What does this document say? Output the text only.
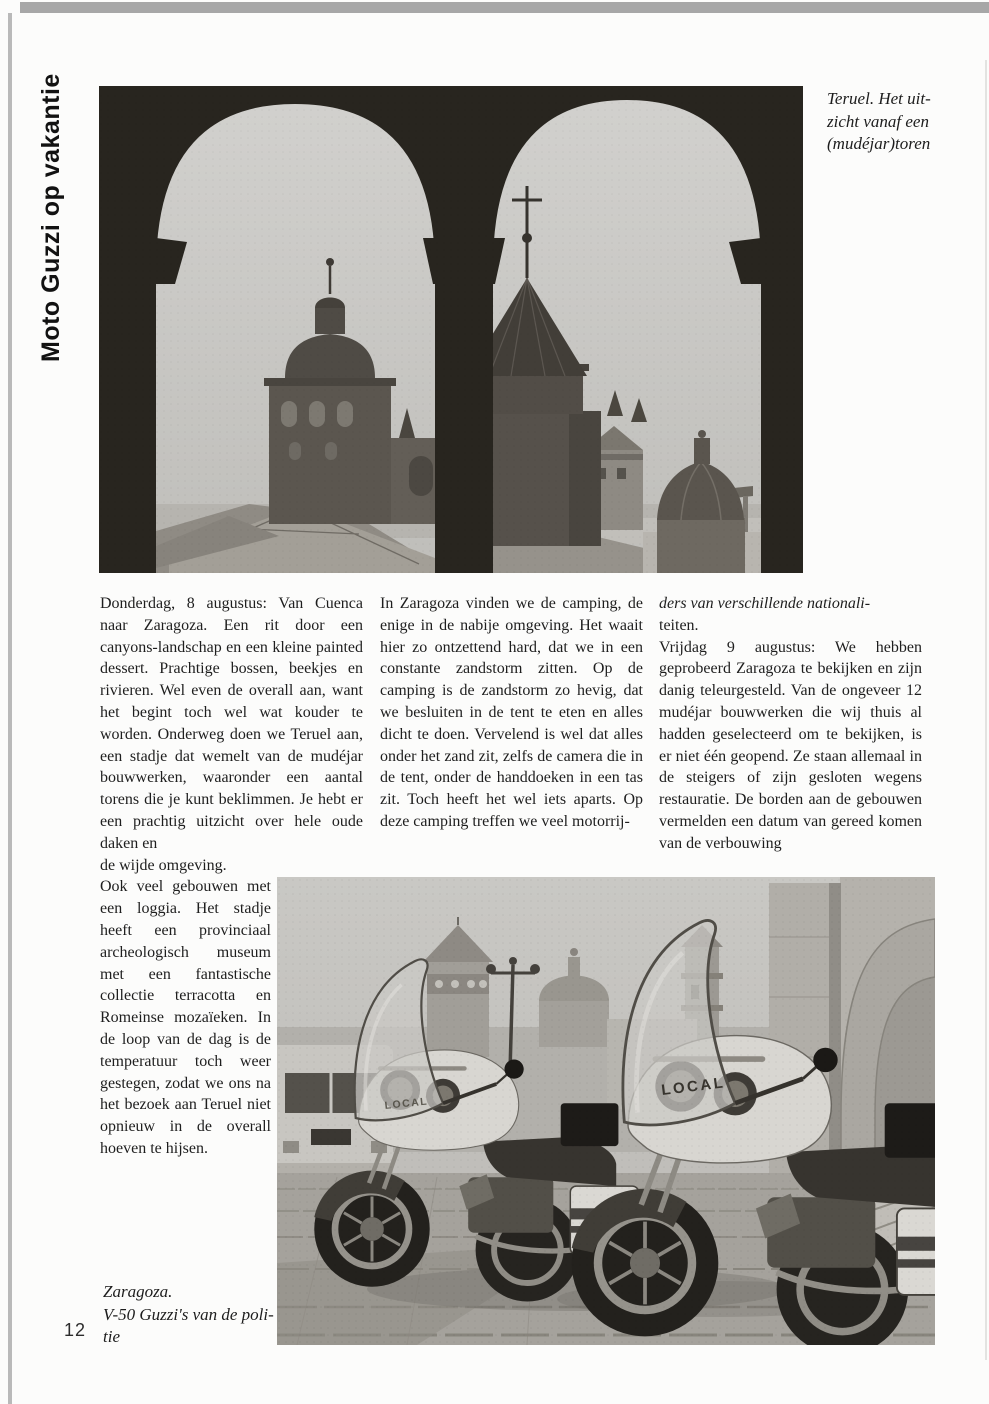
Moto Guzzi op vakantie	Teruel. Het uit-
zicht vanaf een
(mudéjar)toren

Donderdag, 8 augustus: Van Cuenca naar Zaragoza. Een rit door een canyons-landschap en een kleine painted dessert. Prachtige bossen, beekjes en rivieren. Wel even de overall aan, want het begint toch wel wat kouder te worden. Onderweg doen we Teruel aan, een stadje dat wemelt van de mudéjar bouwwerken, waaronder een aantal torens die je kunt beklimmen. Je hebt er een prachtig uitzicht over hele oude daken en

de wijde omgeving.

Ook veel gebouwen met een loggia. Het stadje heeft een provinciaal archeologisch museum met een fantastische collectie terracotta en Romeinse mozaïeken. In de loop van de dag is de temperatuur toch weer gestegen, zodat we ons na het bezoek aan Teruel niet opnieuw in de overall hoeven te hijsen.

In Zaragoza vinden we de camping, de enige in de nabije omgeving. Het waait hier zo ontzettend hard, dat we in een constante zandstorm zitten. Op de camping is de zandstorm zo hevig, dat we besluiten in de tent te eten en alles dicht te doen. Vervelend is wel dat alles onder het zand zit, zelfs de camera die in de tent, onder de handdoeken in een tas zit. Toch heeft het wel iets aparts. Op deze camping treffen we veel motorrij-

ders van verschillende nationali-
teiten.

Vrijdag 9 augustus: We hebben geprobeerd Zaragoza te bekijken en zijn danig teleurgesteld. Van de ongeveer 12 mudéjar bouwwerken die wij thuis al hadden geselecteerd om te bekijken, is er niet één geopend. Ze staan allemaal in de steigers of zijn gesloten wegens restauratie. De borden aan de gebouwen vermelden een datum van gereed komen van de verbouwing

LOCAL
LOCAL
Zaragoza.
V-50 Guzzi's van de poli-
tie
12
